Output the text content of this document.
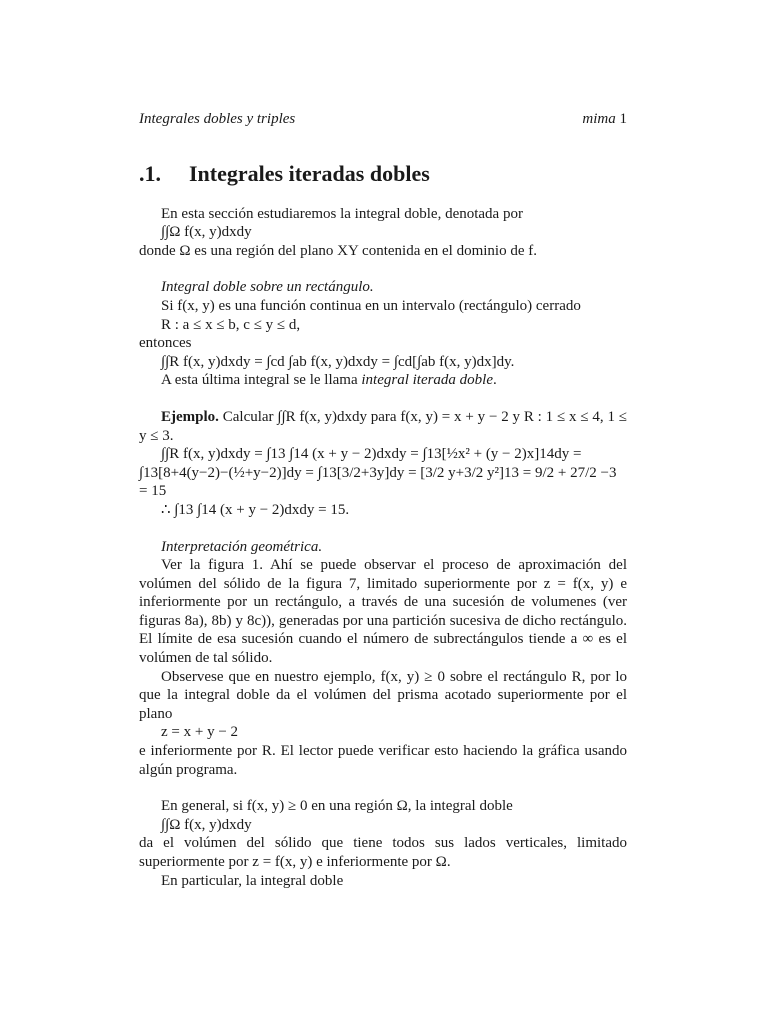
Integrales dobles y triples	mima 1
.1. Integrales iteradas dobles

En esta sección estudiaremos la integral doble, denotada por

∫∫Ω f(x, y)dxdy

donde Ω es una región del plano XY contenida en el dominio de f.

Integral doble sobre un rectángulo.

Si f(x, y) es una función continua en un intervalo (rectángulo) cerrado

R : a ≤ x ≤ b, c ≤ y ≤ d,

entonces

∫∫R f(x, y)dxdy = ∫cd ∫ab f(x, y)dxdy = ∫cd[∫ab f(x, y)dx]dy.

A esta última integral se le llama integral iterada doble.

Ejemplo. Calcular ∫∫R f(x, y)dxdy para f(x, y) = x + y − 2 y R : 1 ≤ x ≤ 4, 1 ≤ y ≤ 3.

∫∫R f(x, y)dxdy = ∫13 ∫14 (x + y − 2)dxdy = ∫13[½x² + (y − 2)x]14dy =

∫13[8+4(y−2)−(½+y−2)]dy = ∫13[3/2+3y]dy = [3/2 y+3/2 y²]13 = 9/2 + 27/2 −3 = 15

∴ ∫13 ∫14 (x + y − 2)dxdy = 15.

Interpretación geométrica.

Ver la figura 1. Ahí se puede observar el proceso de aproximación del volúmen del sólido de la figura 7, limitado superiormente por z = f(x, y) e inferiormente por un rectángulo, a través de una sucesión de volumenes (ver figuras 8a), 8b) y 8c)), generadas por una partición sucesiva de dicho rectángulo. El límite de esa sucesión cuando el número de subrectángulos tiende a ∞ es el volúmen de tal sólido.

Observese que en nuestro ejemplo, f(x, y) ≥ 0 sobre el rectángulo R, por lo que la integral doble da el volúmen del prisma acotado superiormente por el plano

z = x + y − 2

e inferiormente por R. El lector puede verificar esto haciendo la gráfica usando algún programa.

En general, si f(x, y) ≥ 0 en una región Ω, la integral doble

∫∫Ω f(x, y)dxdy

da el volúmen del sólido que tiene todos sus lados verticales, limitado superiormente por z = f(x, y) e inferiormente por Ω.

En particular, la integral doble
